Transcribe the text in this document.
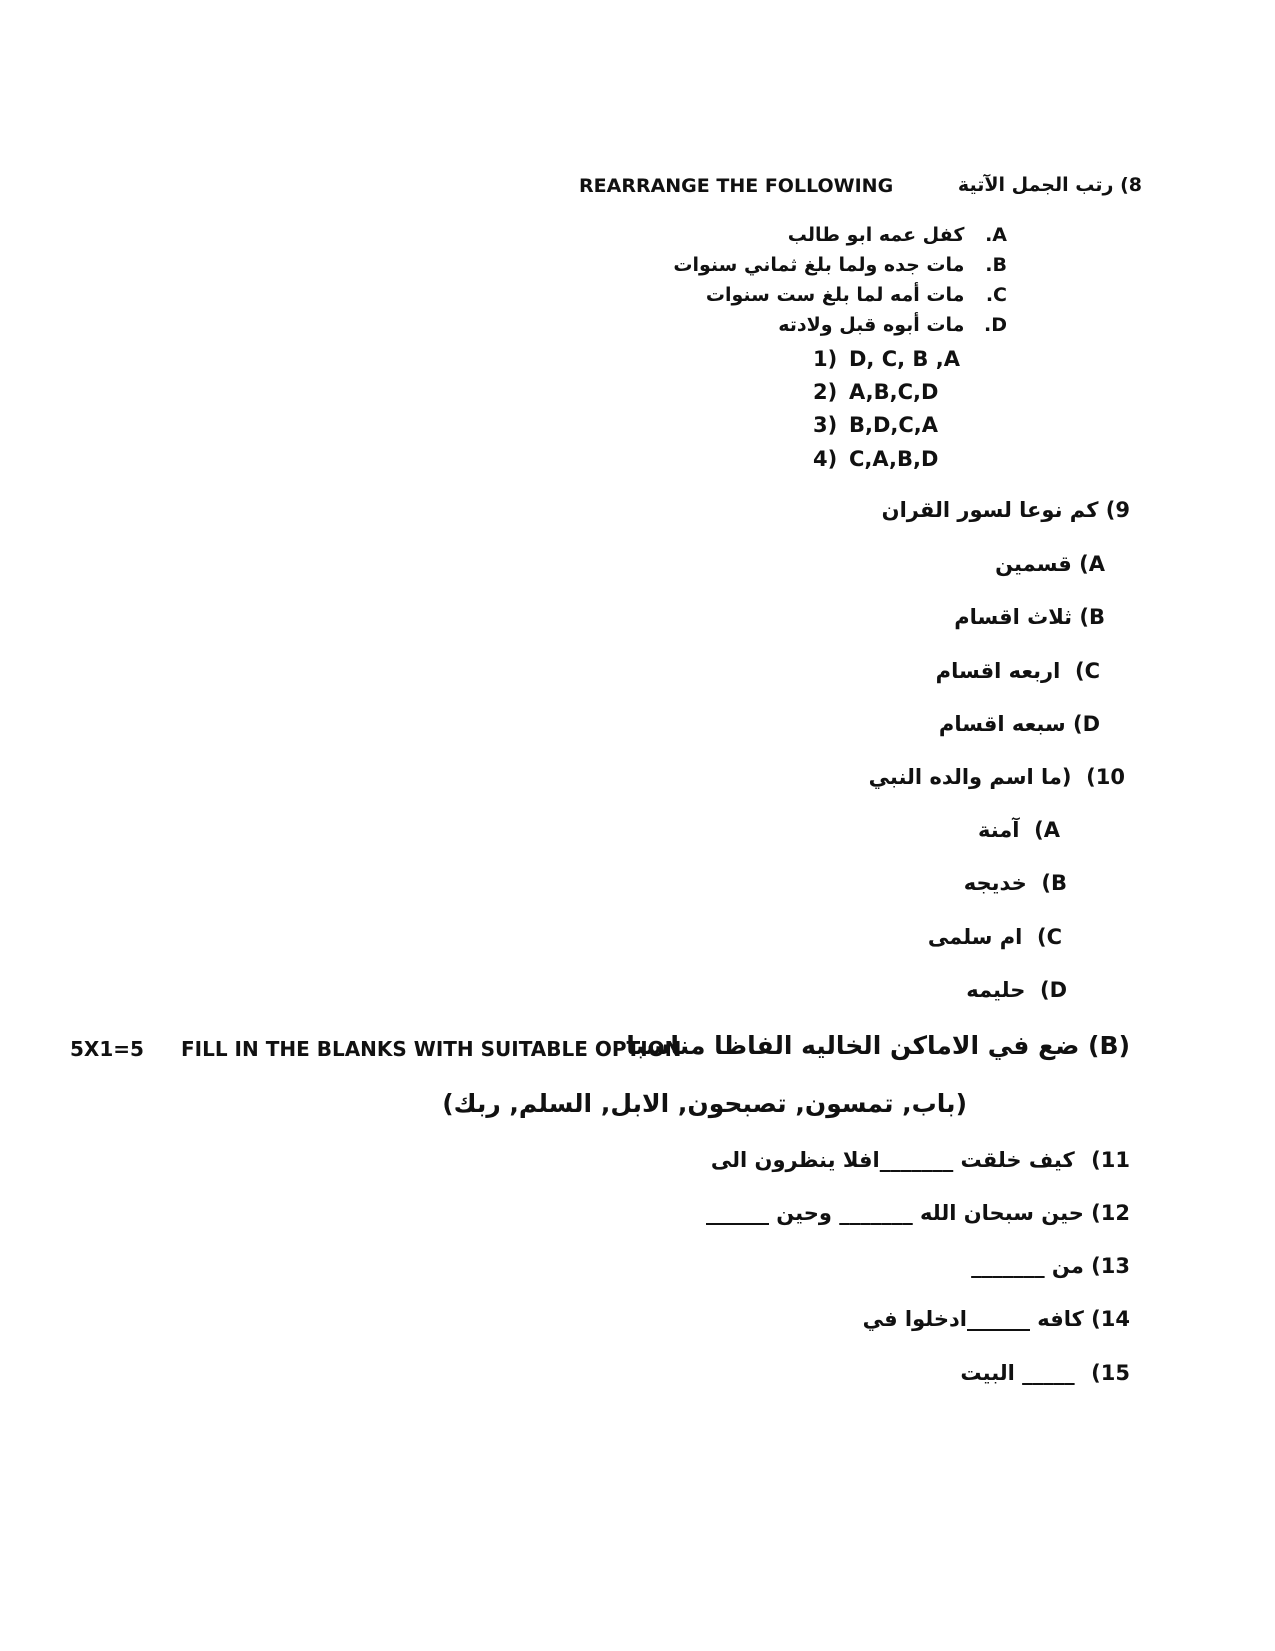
REARRANGE THE FOLLOWING	8) رتب الجمل الآتية
A. كفل عمه ابو طالب
B. مات جده ولما بلغ ثماني سنوات
C. مات أمه لما بلغ ست سنوات
D. مات أبوه قبل ولادته
1) D, C, B ,A
2) A,B,C,D
3) B,D,C,A
4) C,A,B,D
9) كم نوعا لسور القران
A) قسمين
B) ثلاث اقسام
C)  اربعه اقسام
D) سبعه اقسام
10)  (ما اسم والده النبي
A)  آمنة
B)  خديجه
C)  ام سلمى
D)  حليمه
5X1=5 FILL IN THE BLANKS WITH SUITABLE OPTION
(B) ضع في الاماكن الخاليه الفاظا مناسبا
(باب, تمسون, تصبحون, الابل, السلم, ربك)
11) كيف خلقت _______افلا ينظرون الى
12) حين سبحان الله _______ وحين ______
13) من _______
14) كافه ______ادخلوا في
15) _____ البيت
